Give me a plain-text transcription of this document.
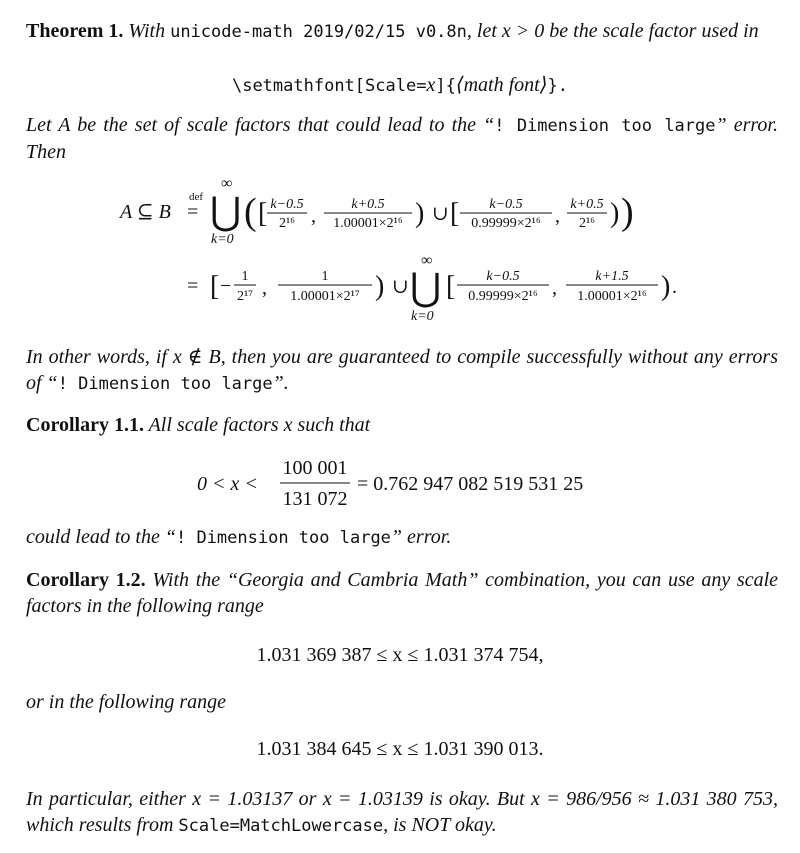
Theorem 1. With unicode-math 2019/02/15 v0.8n, let x > 0 be the scale factor used in
\setmathfont[Scale=x]{⟨math font⟩}.
Let A be the set of scale factors that could lead to the “! Dimension too large” error. Then
A ⊆ B
def
=
∞
⋃
k=0
( [ k−0.5
2¹⁶ ,
k+0.5
1.00001×2¹⁶ ) ∪ [ k−0.5
0.99999×2¹⁶ ,
k+0.5
2¹⁶ ) )
= [ − 1
2¹⁷ ,
1
1.00001×2¹⁷ ) ∪
∞
⋃
k=0
[ k−0.5
0.99999×2¹⁶ ,
k+1.5
1.00001×2¹⁶ ) .
In other words, if x ∉ B, then you are guaranteed to compile successfully without any errors of “! Dimension too large”.
Corollary 1.1. All scale factors x such that
0 < x <
100 001
131 072
= 0.762 947 082 519 531 25
could lead to the “! Dimension too large” error.
Corollary 1.2. With the “Georgia and Cambria Math” combination, you can use any scale factors in the following range
1.031 369 387 ≤ x ≤ 1.031 374 754,
or in the following range
1.031 384 645 ≤ x ≤ 1.031 390 013.
In particular, either x = 1.03137 or x = 1.03139 is okay. But x = 986/956 ≈ 1.031 380 753, which results from Scale=MatchLowercase, is NOT okay.
